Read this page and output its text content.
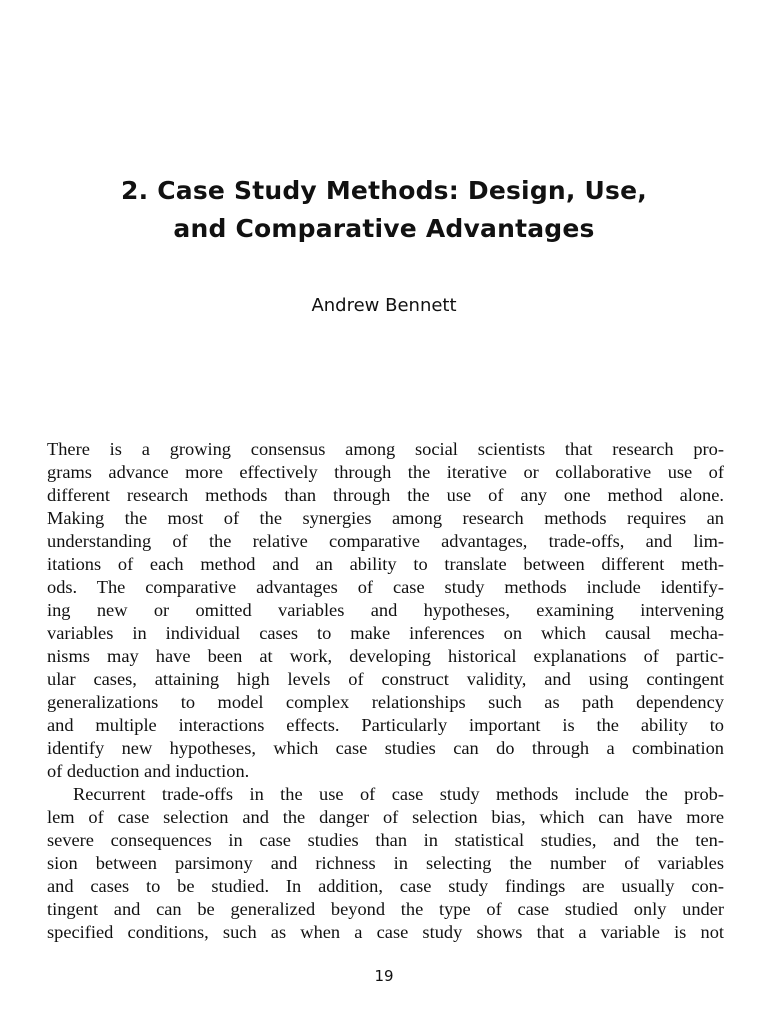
2. Case Study Methods: Design, Use,
and Comparative Advantages
Andrew Bennett
There is a growing consensus among social scientists that research pro-
grams advance more effectively through the iterative or collaborative use of
different research methods than through the use of any one method alone.
Making the most of the synergies among research methods requires an
understanding of the relative comparative advantages, trade-offs, and lim-
itations of each method and an ability to translate between different meth-
ods. The comparative advantages of case study methods include identify-
ing new or omitted variables and hypotheses, examining intervening
variables in individual cases to make inferences on which causal mecha-
nisms may have been at work, developing historical explanations of partic-
ular cases, attaining high levels of construct validity, and using contingent
generalizations to model complex relationships such as path dependency
and multiple interactions effects. Particularly important is the ability to
identify new hypotheses, which case studies can do through a combination
of deduction and induction.
Recurrent trade-offs in the use of case study methods include the prob-
lem of case selection and the danger of selection bias, which can have more
severe consequences in case studies than in statistical studies, and the ten-
sion between parsimony and richness in selecting the number of variables
and cases to be studied. In addition, case study findings are usually con-
tingent and can be generalized beyond the type of case studied only under
specified conditions, such as when a case study shows that a variable is not
19
